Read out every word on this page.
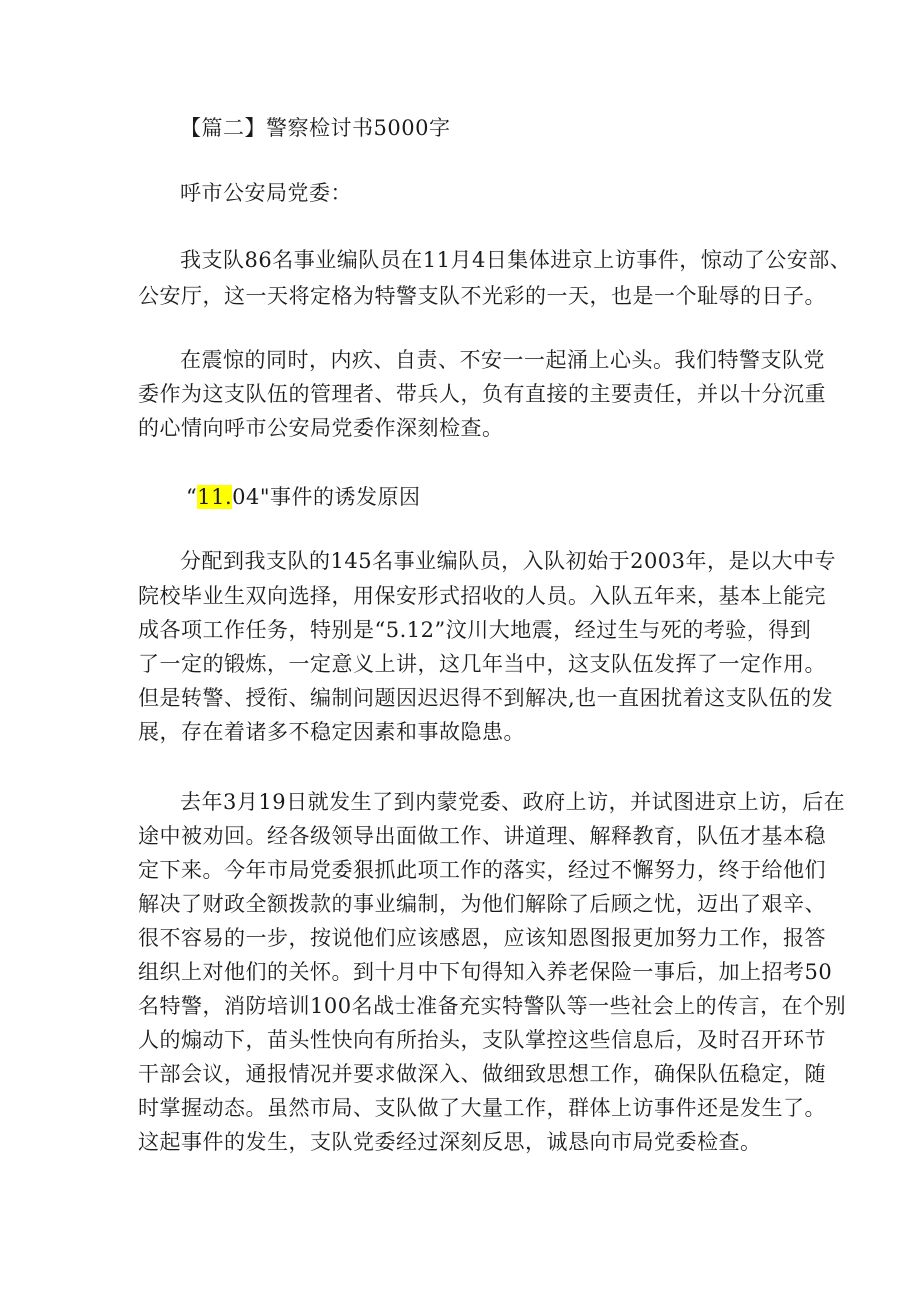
【篇二】警察检讨书5000字
呼市公安局党委：
我支队86名事业编队员在11月4日集体进京上访事件，惊动了公安部、
公安厅，这一天将定格为特警支队不光彩的一天，也是一个耻辱的日子。
在震惊的同时，内疚、自责、不安一一起涌上心头。我们特警支队党
委作为这支队伍的管理者、带兵人，负有直接的主要责任，并以十分沉重
的心情向呼市公安局党委作深刻检查。
“11.04"事件的诱发原因
分配到我支队的145名事业编队员，入队初始于2003年，是以大中专
院校毕业生双向选择，用保安形式招收的人员。入队五年来，基本上能完
成各项工作任务，特别是“5.12”汶川大地震，经过生与死的考验，得到
了一定的锻炼，一定意义上讲，这几年当中，这支队伍发挥了一定作用。
但是转警、授衔、编制问题因迟迟得不到解决,也一直困扰着这支队伍的发
展，存在着诸多不稳定因素和事故隐患。
去年3月19日就发生了到内蒙党委、政府上访，并试图进京上访，后在
途中被劝回。经各级领导出面做工作、讲道理、解释教育，队伍才基本稳
定下来。今年市局党委狠抓此项工作的落实，经过不懈努力，终于给他们
解决了财政全额拨款的事业编制，为他们解除了后顾之忧，迈出了艰辛、
很不容易的一步，按说他们应该感恩，应该知恩图报更加努力工作，报答
组织上对他们的关怀。到十月中下旬得知入养老保险一事后，加上招考50
名特警，消防培训100名战士准备充实特警队等一些社会上的传言，在个别
人的煽动下，苗头性快向有所抬头，支队掌控这些信息后，及时召开环节
干部会议，通报情况并要求做深入、做细致思想工作，确保队伍稳定，随
时掌握动态。虽然市局、支队做了大量工作，群体上访事件还是发生了。
这起事件的发生，支队党委经过深刻反思，诚恳向市局党委检查。
